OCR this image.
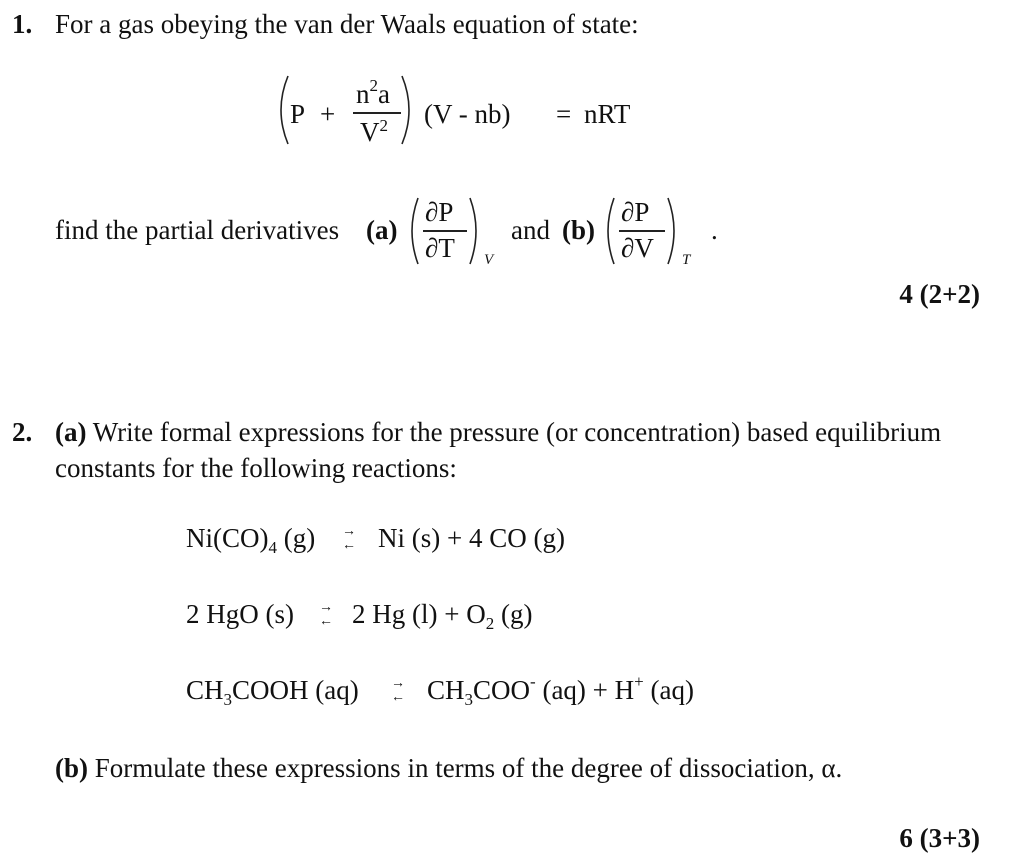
1. For a gas obeying the van der Waals equation of state:
P +
$n^2a$
$V^2$ (V - nb) = nRT
find the partial derivatives (a)
∂P
∂T V
and (b)
∂P
∂V T
.
4 (2+2)
2. (a) Write formal expressions for the pressure (or concentration) based equilibrium
constants for the following reactions:
$Ni(CO)_4$ (g) →
← Ni (s) + 4 CO (g)
2 HgO (s) →
← 2 Hg $(l) + O_2$ (g)
$CH_3COOH$ (aq) →
← $CH_3COO^-$ (aq) + H+ (aq)
(b) Formulate these expressions in terms of the degree of dissociation, α.
6 (3+3)
